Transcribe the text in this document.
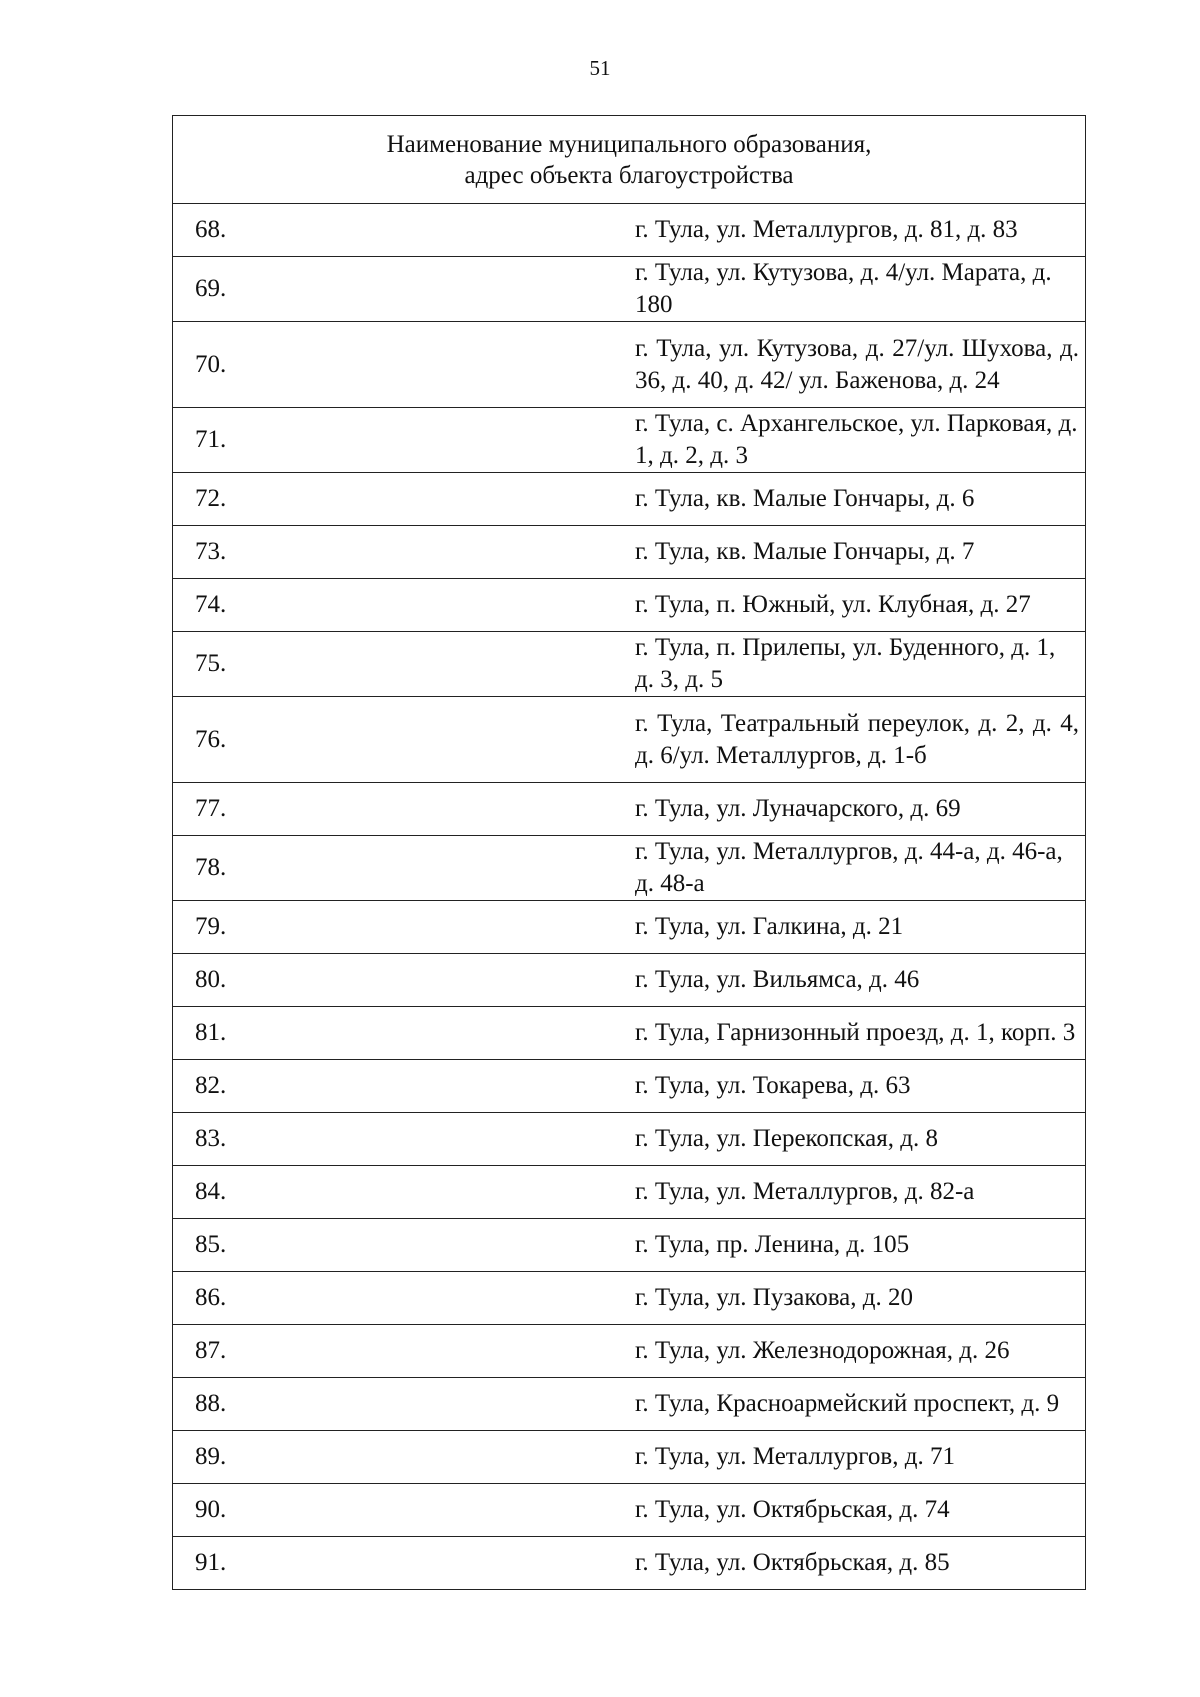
51
Наименование муниципального образования,
адрес объекта благоустройства	

68.	г. Тула, ул. Металлургов, д. 81, д. 83
69.	г. Тула, ул. Кутузова, д. 4/ул. Марата, д. 180
70.	г. Тула, ул. Кутузова, д. 27/ул. Шухова, д. 36, д. 40, д. 42/ ул. Баженова, д. 24
71.	г. Тула, с. Архангельское, ул. Парковая, д. 1, д. 2, д. 3
72.	г. Тула, кв. Малые Гончары, д. 6
73.	г. Тула, кв. Малые Гончары, д. 7
74.	г. Тула, п. Южный, ул. Клубная, д. 27
75.	г. Тула, п. Прилепы, ул. Буденного, д. 1, д. 3, д. 5
76.	г. Тула, Театральный переулок, д. 2, д. 4, д. 6/ул. Металлургов, д. 1-б
77.	г. Тула, ул. Луначарского, д. 69
78.	г. Тула, ул. Металлургов, д. 44-а, д. 46-а, д. 48-а
79.	г. Тула, ул. Галкина, д. 21
80.	г. Тула, ул. Вильямса, д. 46
81.	г. Тула, Гарнизонный проезд, д. 1, корп. 3
82.	г. Тула, ул. Токарева, д. 63
83.	г. Тула, ул. Перекопская, д. 8
84.	г. Тула, ул. Металлургов, д. 82-а
85.	г. Тула, пр. Ленина, д. 105
86.	г. Тула, ул. Пузакова, д. 20
87.	г. Тула, ул. Железнодорожная, д. 26
88.	г. Тула, Красноармейский проспект, д. 9
89.	г. Тула, ул. Металлургов, д. 71
90.	г. Тула, ул. Октябрьская, д. 74
91.	г. Тула, ул. Октябрьская, д. 85
